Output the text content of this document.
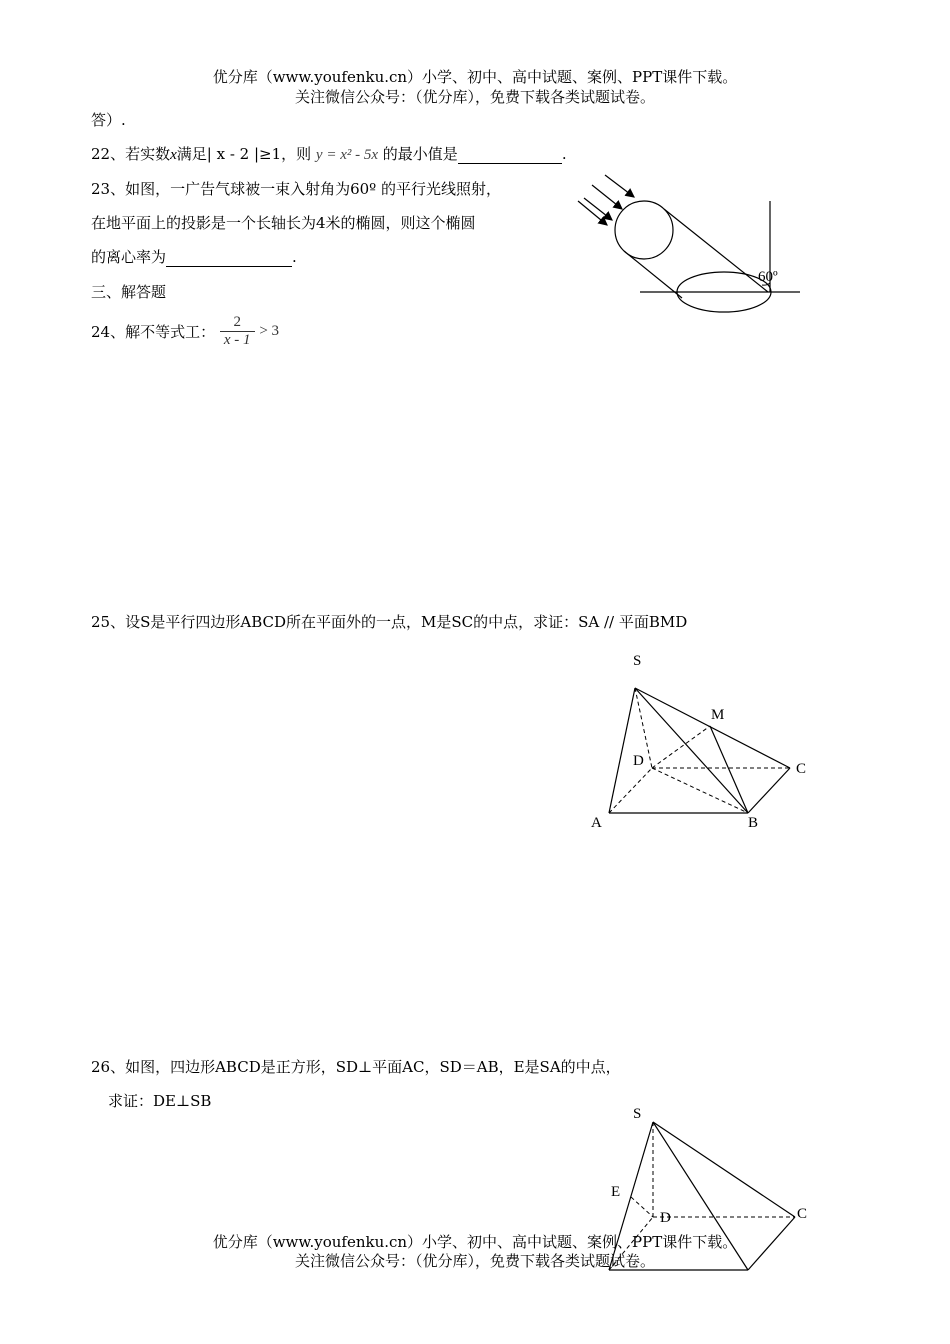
优分库（www.youfenku.cn）小学、初中、高中试题、案例、PPT课件下载。
关注微信公众号：（优分库），免费下载各类试题试卷。
答）.
22、若实数x满足| x - 2 |≥1，则 y = x² - 5x 的最小值是	.
23、如图，一广告气球被一束入射角为60º 的平行光线照射，
在地平面上的投影是一个长轴长为4米的椭圆，则这个椭圆
的离心率为	.
60º
三、解答题
24、解不等式工： $\frac{2}{x - 1} > 3$
25、设S是平行四边形ABCD所在平面外的一点，M是SC的中点，求证：SA // 平面BMD
S
M
D	C
A	B
26、如图，四边形ABCD是正方形，SD⊥平面AC，SD＝AB，E是SA的中点，
求证：DE⊥SB
S
E
D	C
优分库（www.youfenku.cn）小学、初中、高中试题、案例、PPT课件下载。
关注微信公众号：（优分库），免费下载各类试题试卷。
